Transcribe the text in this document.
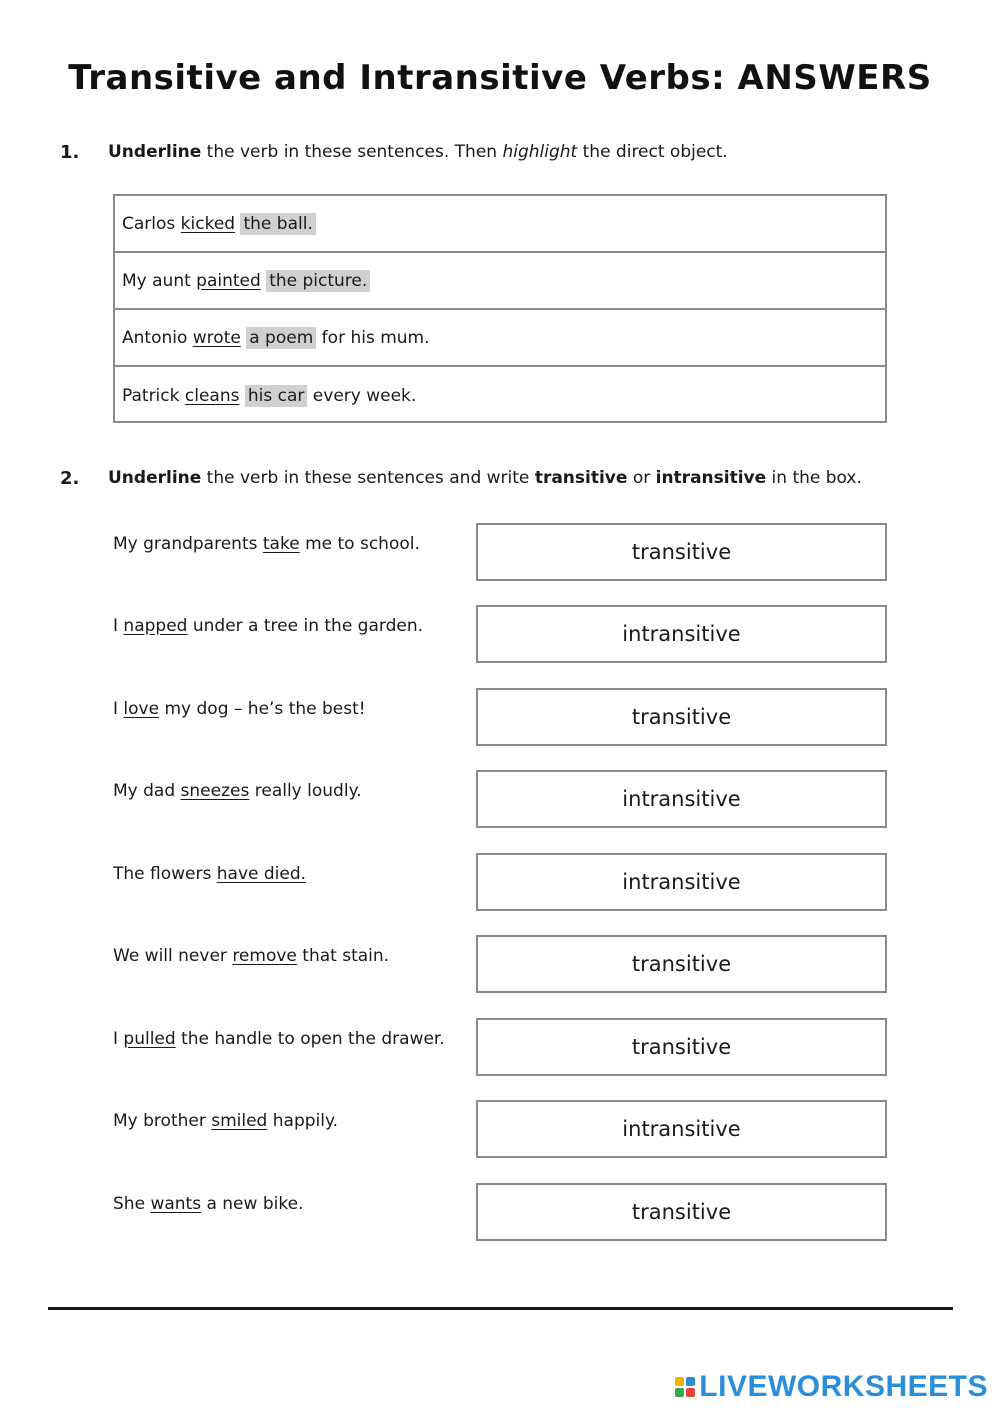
Transitive and Intransitive Verbs: ANSWERS
1. Underline the verb in these sentences. Then highlight the direct object.
Carlos kicked
the ball.
My aunt painted
the picture.
Antonio wrote
a poem for his mum.
Patrick cleans
his car every week.
2. Underline the verb in these sentences and write transitive or intransitive in the box.
My grandparents take me to school.	transitive
I napped under a tree in the garden.	intransitive
I love my dog – he’s the best!	transitive
My dad sneezes really loudly.	intransitive
The flowers have died.	intransitive
We will never remove that stain.	transitive
I pulled the handle to open the drawer.	transitive
My brother smiled happily.	intransitive
She wants a new bike.	transitive
LIVEWORKSHEETS
